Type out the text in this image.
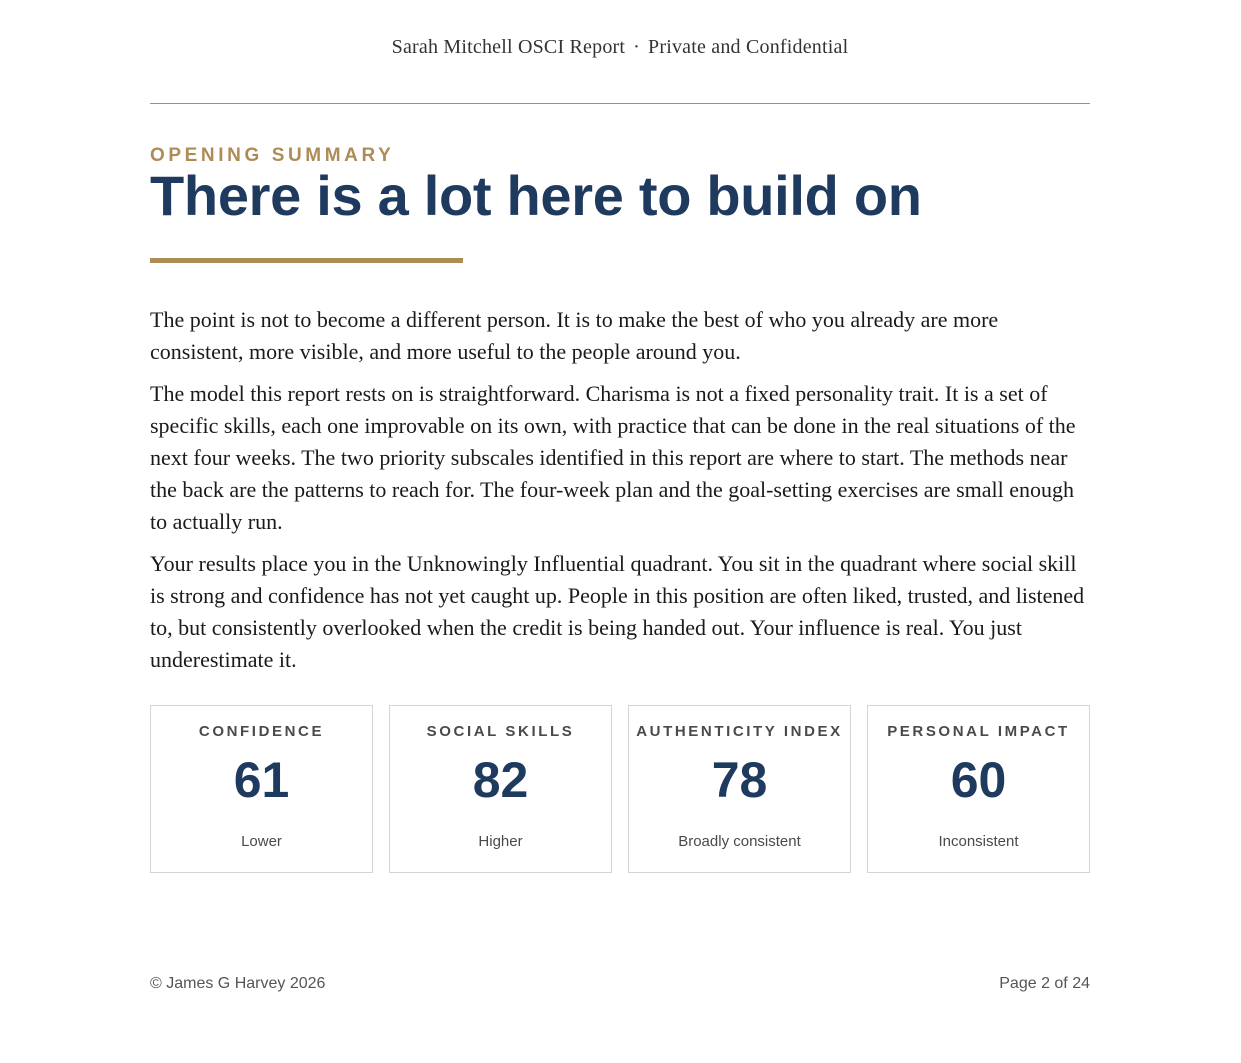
Sarah Mitchell OSCI Report · Private and Confidential
OPENING SUMMARY
There is a lot here to build on

The point is not to become a different person. It is to make the best of who you already are more consistent, more visible, and more useful to the people around you.

The model this report rests on is straightforward. Charisma is not a fixed personality trait. It is a set of specific skills, each one improvable on its own, with practice that can be done in the real situations of the next four weeks. The two priority subscales identified in this report are where to start. The methods near the back are the patterns to reach for. The four-week plan and the goal-setting exercises are small enough to actually run.

Your results place you in the Unknowingly Influential quadrant. You sit in the quadrant where social skill is strong and confidence has not yet caught up. People in this position are often liked, trusted, and listened to, but consistently overlooked when the credit is being handed out. Your influence is real. You just underestimate it.

CONFIDENCE
61
Lower
SOCIAL SKILLS
82
Higher
AUTHENTICITY INDEX
78
Broadly consistent
PERSONAL IMPACT
60
Inconsistent
© James G Harvey 2026	Page 2 of 24
